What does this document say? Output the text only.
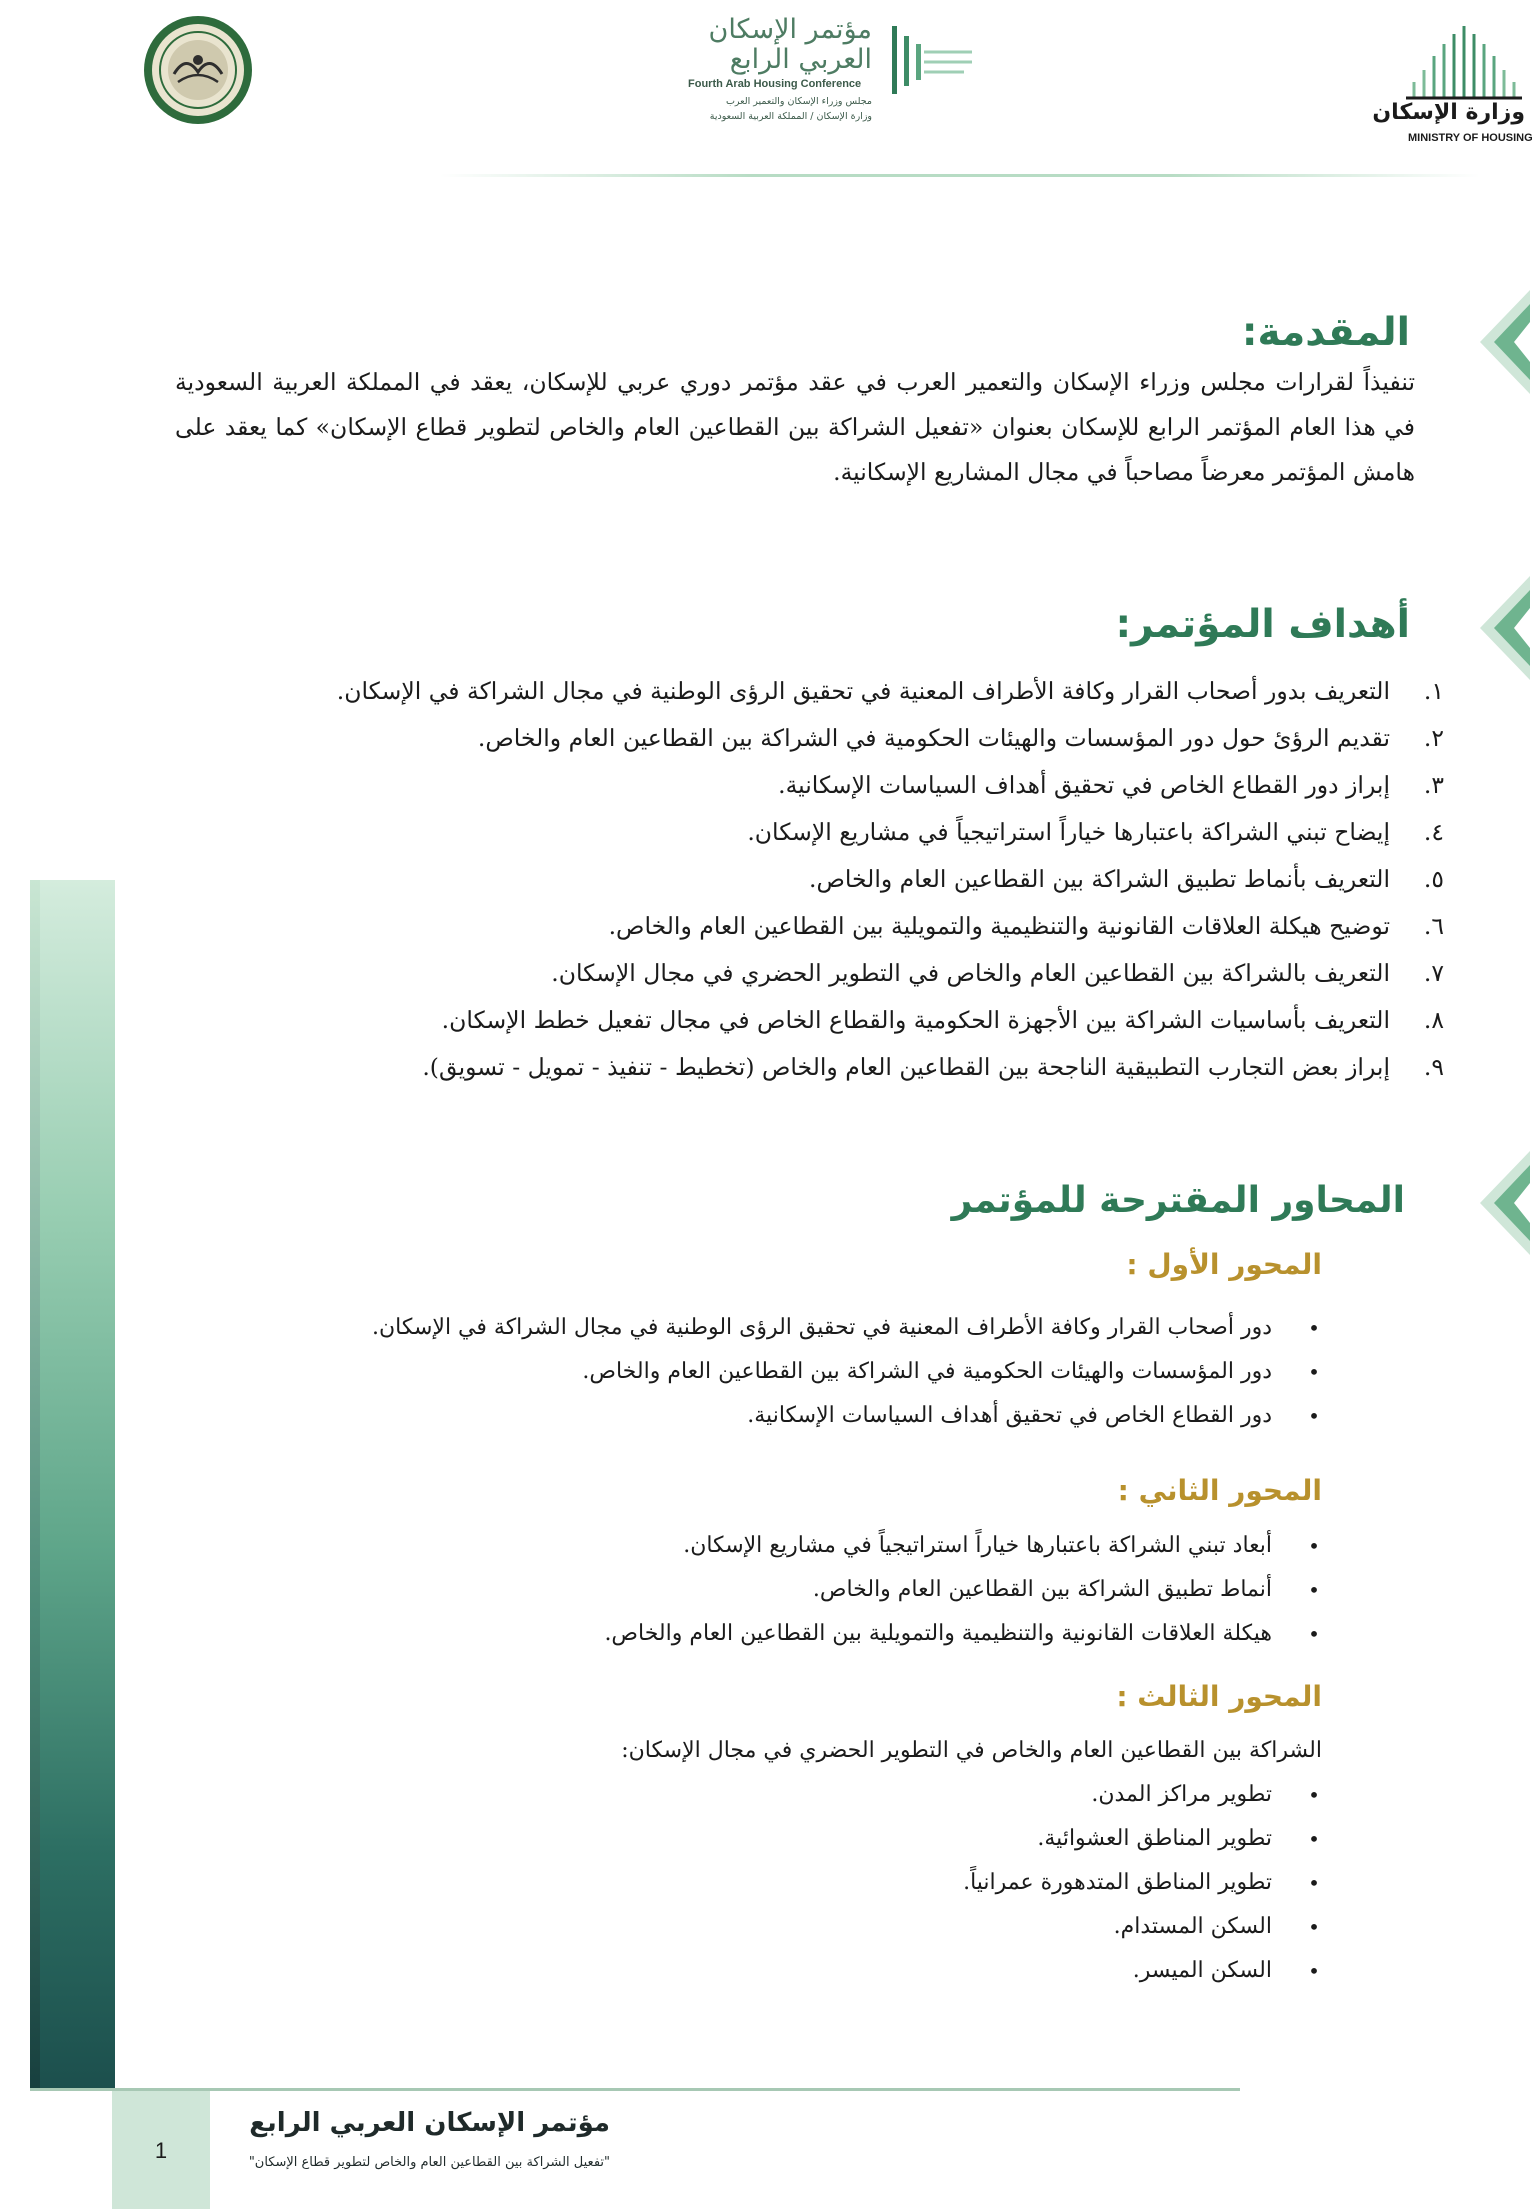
مؤتمر الإسكان
العربي الرابع
Fourth Arab Housing Conference
مجلس وزراء الإسكان والتعمير العرب
وزارة الإسكان / المملكة العربية السعودية	وزارة الإسكان
MINISTRY OF HOUSING
المقدمة:

تنفيذاً لقرارات مجلس وزراء الإسكان والتعمير العرب في عقد مؤتمر دوري عربي للإسكان، يعقد في المملكة العربية السعودية في هذا العام المؤتمر الرابع للإسكان بعنوان «تفعيل الشراكة بين القطاعين العام والخاص لتطوير قطاع الإسكان» كما يعقد على هامش المؤتمر معرضاً مصاحباً في مجال المشاريع الإسكانية.

أهداف المؤتمر:
١.
التعريف بدور أصحاب القرار وكافة الأطراف المعنية في تحقيق الرؤى الوطنية في مجال الشراكة في الإسكان.
٢.
تقديم الرؤئ حول دور المؤسسات والهيئات الحكومية في الشراكة بين القطاعين العام والخاص.
٣.
إبراز دور القطاع الخاص في تحقيق أهداف السياسات الإسكانية.
٤.
إيضاح تبني الشراكة باعتبارها خياراً استراتيجياً في مشاريع الإسكان.
٥.
التعريف بأنماط تطبيق الشراكة بين القطاعين العام والخاص.
٦.
توضيح هيكلة العلاقات القانونية والتنظيمية والتمويلية بين القطاعين العام والخاص.
٧.
التعريف بالشراكة بين القطاعين العام والخاص في التطوير الحضري في مجال الإسكان.
٨.
التعريف بأساسيات الشراكة بين الأجهزة الحكومية والقطاع الخاص في مجال تفعيل خطط الإسكان.
٩.
إبراز بعض التجارب التطبيقية الناجحة بين القطاعين العام والخاص (تخطيط - تنفيذ - تمويل - تسويق).
المحاور المقترحة للمؤتمر
المحور الأول :
•
دور أصحاب القرار وكافة الأطراف المعنية في تحقيق الرؤى الوطنية في مجال الشراكة في الإسكان.
•
دور المؤسسات والهيئات الحكومية في الشراكة بين القطاعين العام والخاص.
•
دور القطاع الخاص في تحقيق أهداف السياسات الإسكانية.
المحور الثاني :
•
أبعاد تبني الشراكة باعتبارها خياراً استراتيجياً في مشاريع الإسكان.
•
أنماط تطبيق الشراكة بين القطاعين العام والخاص.
•
هيكلة العلاقات القانونية والتنظيمية والتمويلية بين القطاعين العام والخاص.
المحور الثالث :
الشراكة بين القطاعين العام والخاص في التطوير الحضري في مجال الإسكان:
•
تطوير مراكز المدن.
•
تطوير المناطق العشوائية.
•
تطوير المناطق المتدهورة عمرانياً.
•
السكن المستدام.
•
السكن الميسر.
1
مؤتمر الإسكان العربي الرابع
"تفعيل الشراكة بين القطاعين العام والخاص لتطوير قطاع الإسكان"
